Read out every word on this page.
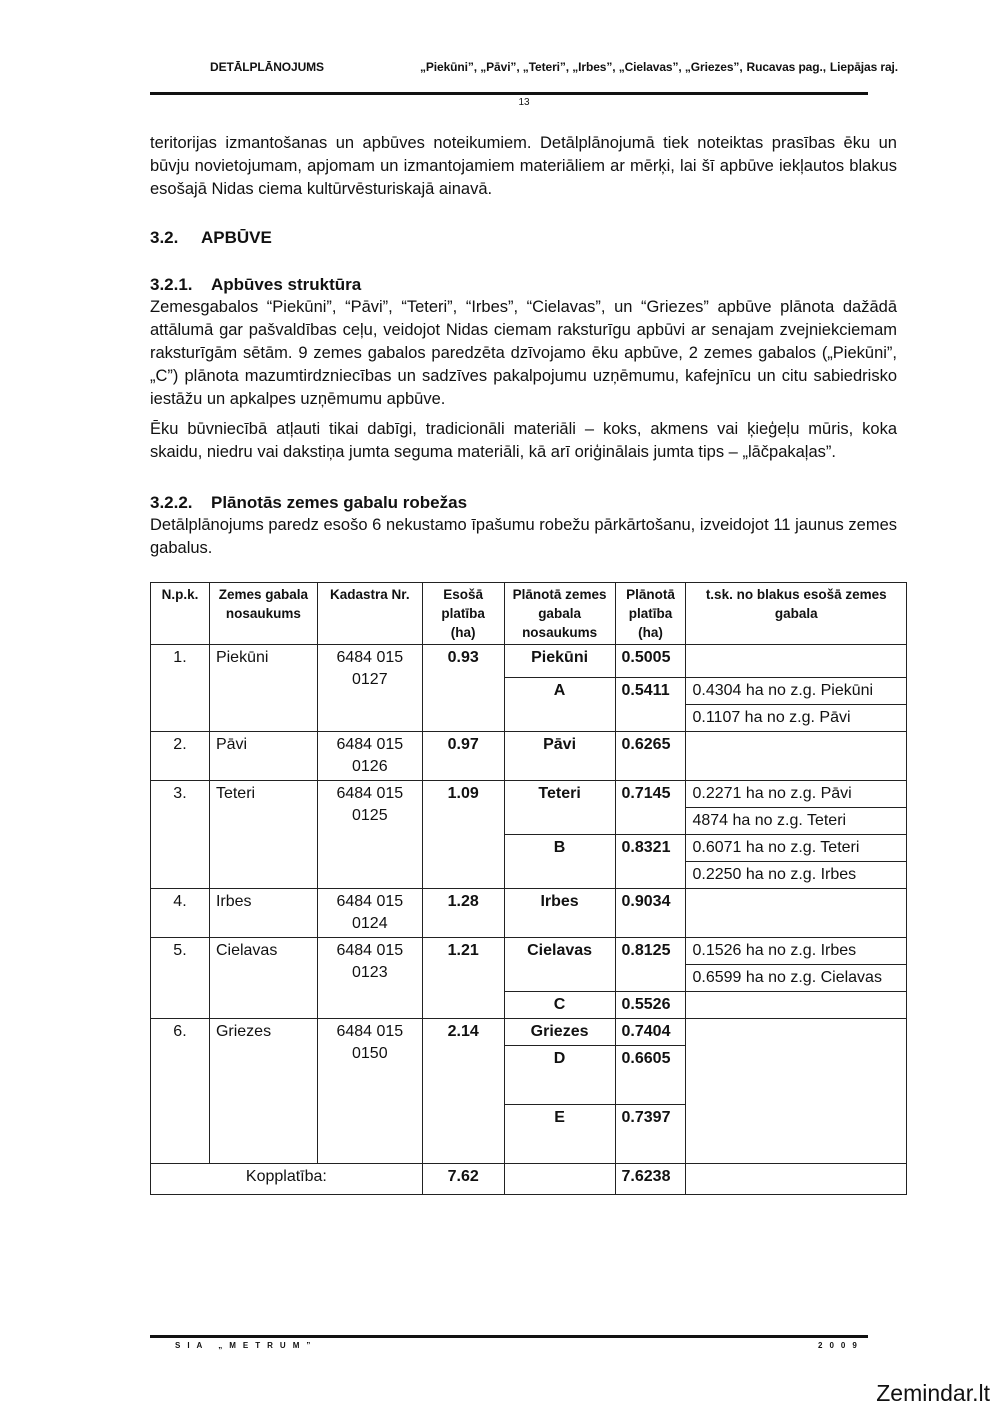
DETĀLPLĀNOJUMS	„Piekūni”, „Pāvi”, „Teteri”, „Irbes”, „Cielavas”, „Griezes”, Rucavas pag., Liepājas raj.
13

teritorijas izmantošanas un apbūves noteikumiem. Detālplānojumā tiek noteiktas prasības ēku un būvju novietojumam, apjomam un izmantojamiem materiāliem ar mērķi, lai šī apbūve iekļautos blakus esošajā Nidas ciema kultūrvēsturiskajā ainavā.

3.2. APBŪVE
3.2.1. Apbūves struktūra

Zemesgabalos “Piekūni”, “Pāvi”, “Teteri”, “Irbes”, “Cielavas”, un “Griezes” apbūve plānota dažādā attālumā gar pašvaldības ceļu, veidojot Nidas ciemam raksturīgu apbūvi ar senajam zvejniekciemam raksturīgām sētām. 9 zemes gabalos paredzēta dzīvojamo ēku apbūve, 2 zemes gabalos („Piekūni”, „C”) plānota mazumtirdzniecības un sadzīves pakalpojumu uzņēmumu, kafejnīcu un citu sabiedrisko iestāžu un apkalpes uzņēmumu apbūve.

Ēku būvniecībā atļauti tikai dabīgi, tradicionāli materiāli – koks, akmens vai ķieģeļu mūris, koka skaidu, niedru vai dakstiņa jumta seguma materiāli, kā arī oriģinālais jumta tips – „lāčpakaļas”.

3.2.2. Plānotās zemes gabalu robežas

Detālplānojums paredz esošo 6 nekustamo īpašumu robežu pārkārtošanu, izveidojot 11 jaunus zemes gabalus.

N.p.k.	Zemes gabala nosaukums	Kadastra Nr.	Esošā platība (ha)	Plānotā zemes gabala nosaukums	Plānotā platība (ha)	t.sk. no blakus esošā zemes gabala
1.	Piekūni	6484 015 0127	0.93	Piekūni	0.5005	
				A	0.5411	0.4304 ha no z.g. Piekūni
						0.1107 ha no z.g. Pāvi
2.	Pāvi	6484 015 0126	0.97	Pāvi	0.6265	
3.	Teteri	6484 015 0125	1.09	Teteri	0.7145	0.2271 ha no z.g. Pāvi
						4874 ha no z.g. Teteri
				B	0.8321	0.6071 ha no z.g. Teteri
						0.2250 ha no z.g. Irbes
4.	Irbes	6484 015 0124	1.28	Irbes	0.9034	
5.	Cielavas	6484 015 0123	1.21	Cielavas	0.8125	0.1526 ha no z.g. Irbes
						0.6599 ha no z.g. Cielavas
				C	0.5526	
6.	Griezes	6484 015 0150	2.14	Griezes	0.7404	
				D	0.6605	
				E	0.7397	
Kopplatība:			7.62		7.6238	
SIA „METRUM”	2009
Zemindar.lt
